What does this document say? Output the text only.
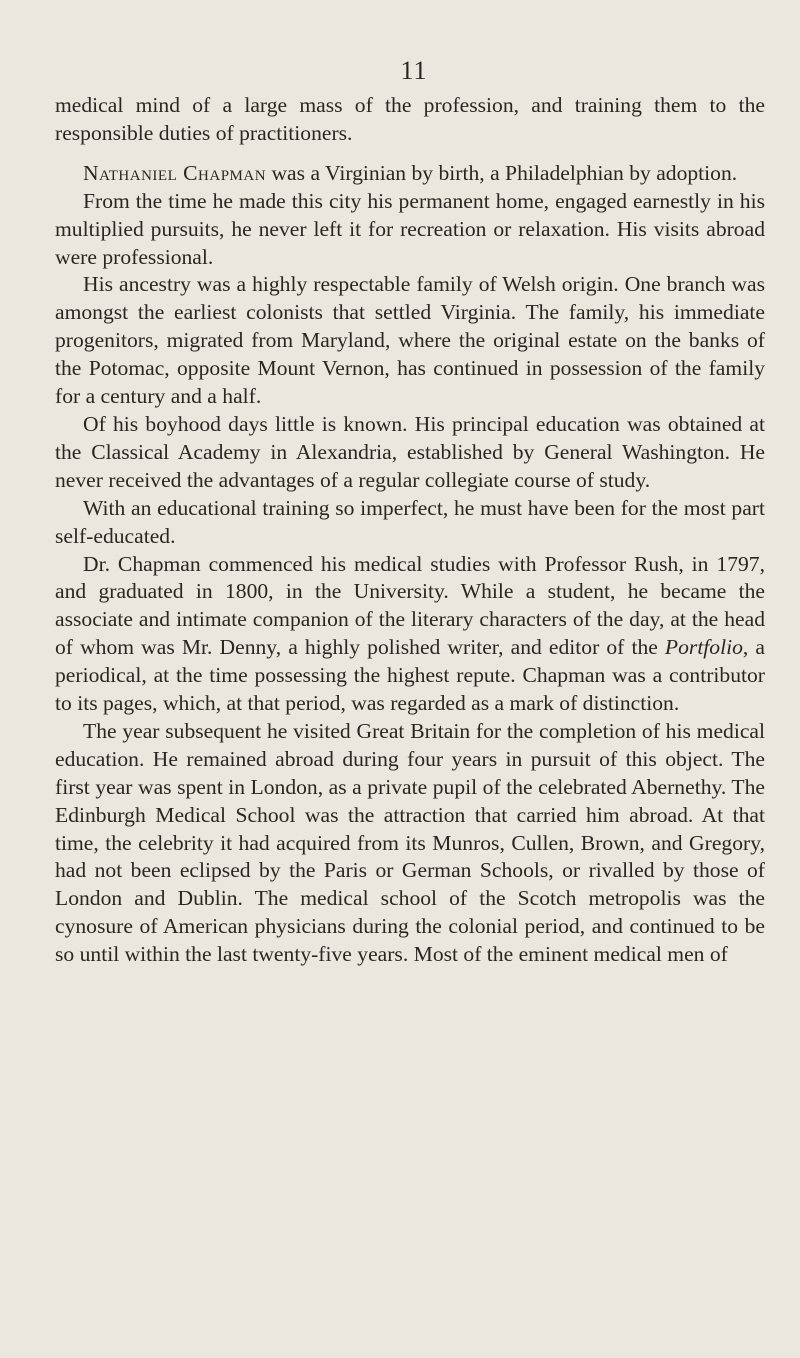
11

medical mind of a large mass of the profession, and training them to the responsible duties of practitioners.

Nathaniel Chapman was a Virginian by birth, a Philadelphian by adoption.

From the time he made this city his permanent home, engaged earnestly in his multiplied pursuits, he never left it for recreation or relaxation. His visits abroad were professional.

His ancestry was a highly respectable family of Welsh origin. One branch was amongst the earliest colonists that settled Virginia. The family, his immediate progenitors, migrated from Maryland, where the original estate on the banks of the Potomac, opposite Mount Vernon, has continued in possession of the family for a century and a half.

Of his boyhood days little is known. His principal education was obtained at the Classical Academy in Alexandria, established by General Washington. He never received the advantages of a regular collegiate course of study.

With an educational training so imperfect, he must have been for the most part self-educated.

Dr. Chapman commenced his medical studies with Professor Rush, in 1797, and graduated in 1800, in the University. While a student, he became the associate and intimate companion of the literary characters of the day, at the head of whom was Mr. Denny, a highly polished writer, and editor of the Portfolio, a periodical, at the time possessing the highest repute. Chapman was a contributor to its pages, which, at that period, was regarded as a mark of distinction.

The year subsequent he visited Great Britain for the completion of his medical education. He remained abroad during four years in pursuit of this object. The first year was spent in London, as a private pupil of the celebrated Abernethy. The Edinburgh Medical School was the attraction that carried him abroad. At that time, the celebrity it had acquired from its Munros, Cullen, Brown, and Gregory, had not been eclipsed by the Paris or German Schools, or rivalled by those of London and Dublin. The medical school of the Scotch metropolis was the cynosure of American physicians during the colonial period, and continued to be so until within the last twenty-five years. Most of the eminent medical men of
